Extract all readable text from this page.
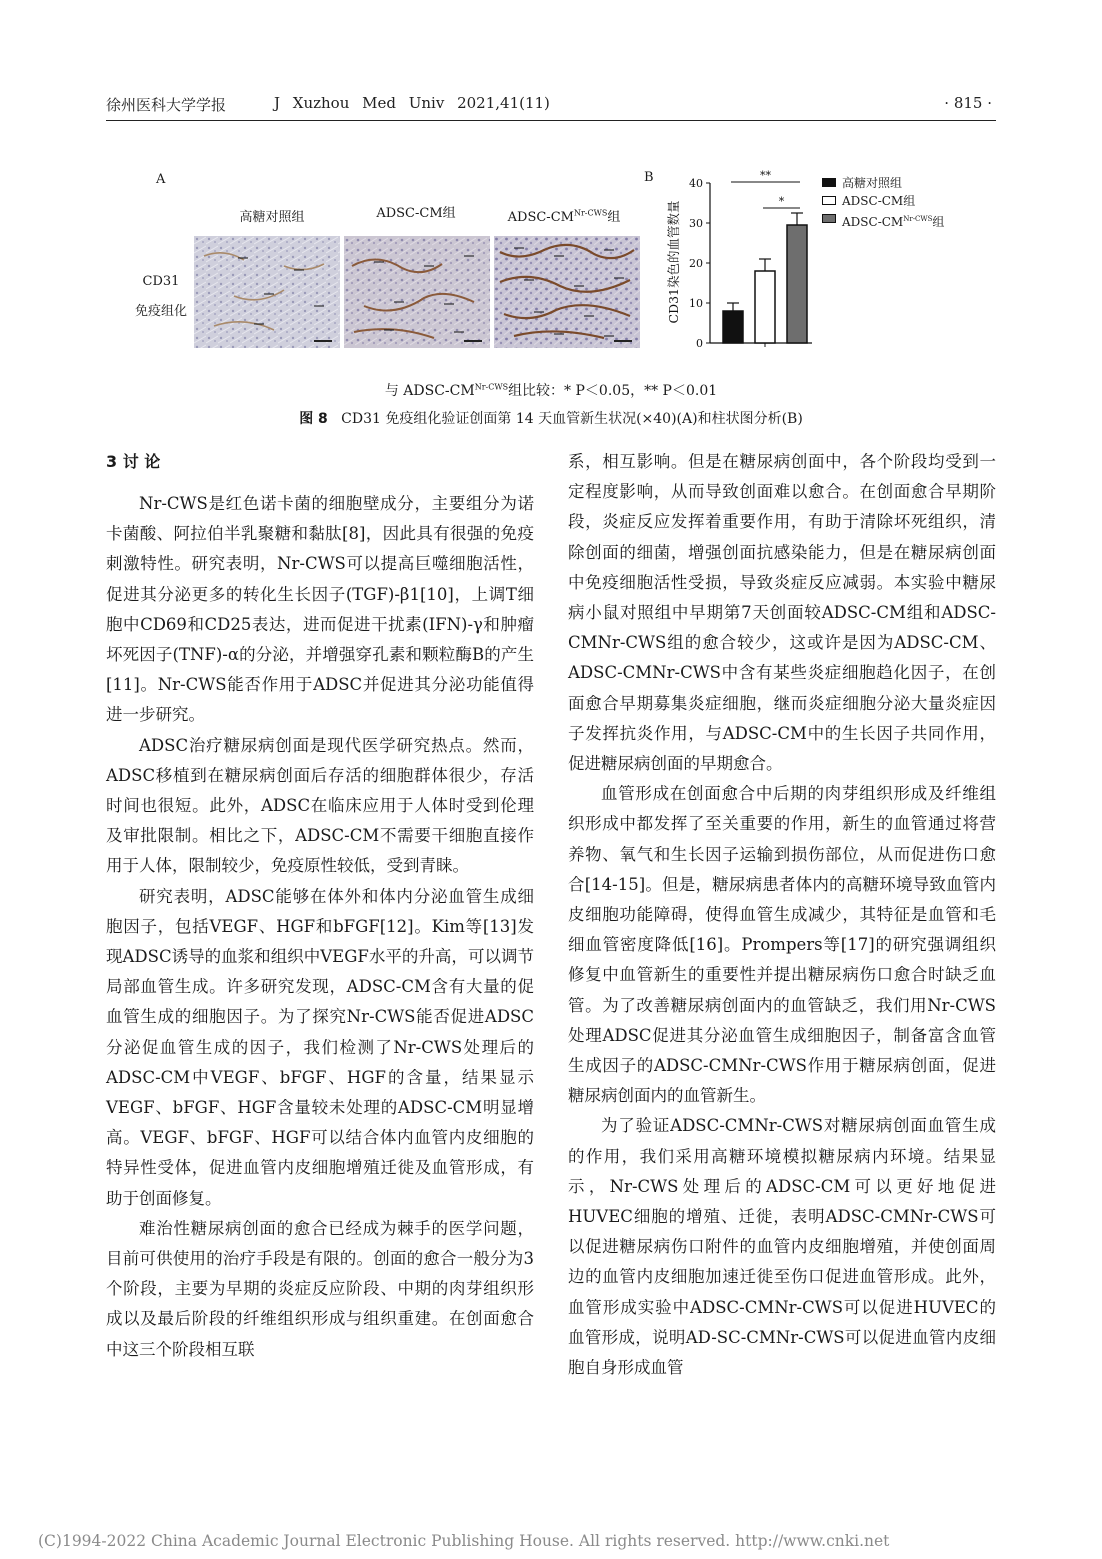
徐州医科大学学报	J Xuzhou Med Univ 2021,41(11)	· 815 ·
A
高糖对照组	ADSC-CM组	ADSC-$CM^{Nr-CWS}$组
CD31
免疫组化
B
CD31染色的血管数量
0
10
20
30
40
**
*
高糖对照组
ADSC-CM组
ADSC-$CM^{Nr-CWS}$组
与 ADSC-$CM^{Nr-CWS}$组比较：* P＜0.05，** P＜0.01
图 8 CD31 免疫组化验证创面第 14 天血管新生状况(×40)(A)和柱状图分析(B)
3 讨 论

Nr-CWS是红色诺卡菌的细胞壁成分，主要组分为诺卡菌酸、阿拉伯半乳聚糖和黏肽[8]，因此具有很强的免疫刺激特性。研究表明，Nr-CWS可以提高巨噬细胞活性，促进其分泌更多的转化生长因子(TGF)-β1[10]，上调T细胞中CD69和CD25表达，进而促进干扰素(IFN)-γ和肿瘤坏死因子(TNF)-α的分泌，并增强穿孔素和颗粒酶B的产生[11]。Nr-CWS能否作用于ADSC并促进其分泌功能值得进一步研究。

ADSC治疗糖尿病创面是现代医学研究热点。然而，ADSC移植到在糖尿病创面后存活的细胞群体很少，存活时间也很短。此外，ADSC在临床应用于人体时受到伦理及审批限制。相比之下，ADSC-CM不需要干细胞直接作用于人体，限制较少，免疫原性较低，受到青睐。

研究表明，ADSC能够在体外和体内分泌血管生成细胞因子，包括VEGF、HGF和bFGF[12]。Kim等[13]发现ADSC诱导的血浆和组织中VEGF水平的升高，可以调节局部血管生成。许多研究发现，ADSC-CM含有大量的促血管生成的细胞因子。为了探究Nr-CWS能否促进ADSC分泌促血管生成的因子，我们检测了Nr-CWS处理后的ADSC-CM中VEGF、bFGF、HGF的含量，结果显示VEGF、bFGF、HGF含量较未处理的ADSC-CM明显增高。VEGF、bFGF、HGF可以结合体内血管内皮细胞的特异性受体，促进血管内皮细胞增殖迁徙及血管形成，有助于创面修复。

难治性糖尿病创面的愈合已经成为棘手的医学问题，目前可供使用的治疗手段是有限的。创面的愈合一般分为3个阶段，主要为早期的炎症反应阶段、中期的肉芽组织形成以及最后阶段的纤维组织形成与组织重建。在创面愈合中这三个阶段相互联

系，相互影响。但是在糖尿病创面中，各个阶段均受到一定程度影响，从而导致创面难以愈合。在创面愈合早期阶段，炎症反应发挥着重要作用，有助于清除坏死组织，清除创面的细菌，增强创面抗感染能力，但是在糖尿病创面中免疫细胞活性受损，导致炎症反应减弱。本实验中糖尿病小鼠对照组中早期第7天创面较ADSC-CM组和ADSC-CMNr-CWS组的愈合较少，这或许是因为ADSC-CM、ADSC-CMNr-CWS中含有某些炎症细胞趋化因子，在创面愈合早期募集炎症细胞，继而炎症细胞分泌大量炎症因子发挥抗炎作用，与ADSC-CM中的生长因子共同作用，促进糖尿病创面的早期愈合。

血管形成在创面愈合中后期的肉芽组织形成及纤维组织形成中都发挥了至关重要的作用，新生的血管通过将营养物、氧气和生长因子运输到损伤部位，从而促进伤口愈合[14-15]。但是，糖尿病患者体内的高糖环境导致血管内皮细胞功能障碍，使得血管生成减少，其特征是血管和毛细血管密度降低[16]。Prompers等[17]的研究强调组织修复中血管新生的重要性并提出糖尿病伤口愈合时缺乏血管。为了改善糖尿病创面内的血管缺乏，我们用Nr-CWS处理ADSC促进其分泌血管生成细胞因子，制备富含血管生成因子的ADSC-CMNr-CWS作用于糖尿病创面，促进糖尿病创面内的血管新生。

为了验证ADSC-CMNr-CWS对糖尿病创面血管生成的作用，我们采用高糖环境模拟糖尿病内环境。结果显示，Nr-CWS处理后的ADSC-CM可以更好地促进HUVEC细胞的增殖、迁徙，表明ADSC-CMNr-CWS可以促进糖尿病伤口附件的血管内皮细胞增殖，并使创面周边的血管内皮细胞加速迁徙至伤口促进血管形成。此外，血管形成实验中ADSC-CMNr-CWS可以促进HUVEC的血管形成，说明AD-SC-CMNr-CWS可以促进血管内皮细胞自身形成血管

(C)1994-2022 China Academic Journal Electronic Publishing House. All rights reserved. http://www.cnki.net
